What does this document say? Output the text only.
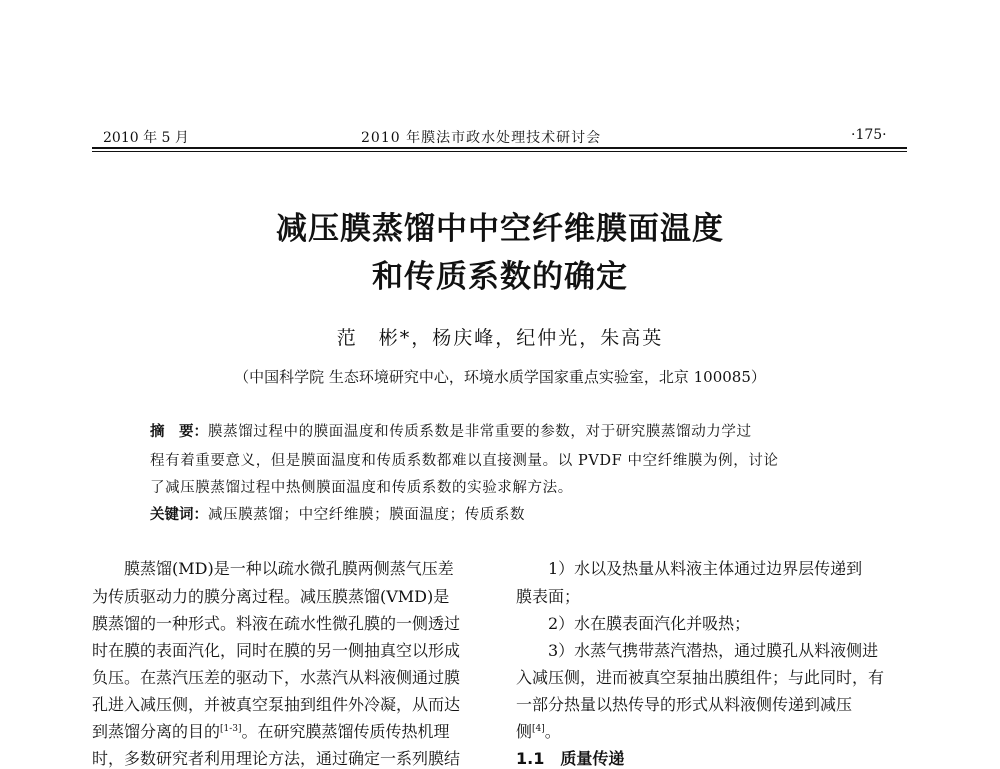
2010 年 5 月	2010 年膜法市政水处理技术研讨会	·175·
减压膜蒸馏中中空纤维膜面温度
和传质系数的确定
范　彬*，杨庆峰，纪仲光，朱高英
（中国科学院 生态环境研究中心，环境水质学国家重点实验室，北京 100085）
摘　要：膜蒸馏过程中的膜面温度和传质系数是非常重要的参数，对于研究膜蒸馏动力学过
程有着重要意义，但是膜面温度和传质系数都难以直接测量。以 PVDF 中空纤维膜为例，讨论
了减压膜蒸馏过程中热侧膜面温度和传质系数的实验求解方法。
关键词：减压膜蒸馏；中空纤维膜；膜面温度；传质系数
　　膜蒸馏(MD)是一种以疏水微孔膜两侧蒸气压差
为传质驱动力的膜分离过程。减压膜蒸馏(VMD)是
膜蒸馏的一种形式。料液在疏水性微孔膜的一侧透过
时在膜的表面汽化，同时在膜的另一侧抽真空以形成
负压。在蒸汽压差的驱动下，水蒸汽从料液侧通过膜
孔进入减压侧，并被真空泵抽到组件外冷凝，从而达
到蒸馏分离的目的[1-3]。在研究膜蒸馏传质传热机理
时，多数研究者利用理论方法，通过确定一系列膜结
　　1）水以及热量从料液主体通过边界层传递到
膜表面；
　　2）水在膜表面汽化并吸热；
　　3）水蒸气携带蒸汽潜热，通过膜孔从料液侧进
入减压侧，进而被真空泵抽出膜组件；与此同时，有
一部分热量以热传导的形式从料液侧传递到减压
侧[4]。
1.1　质量传递
